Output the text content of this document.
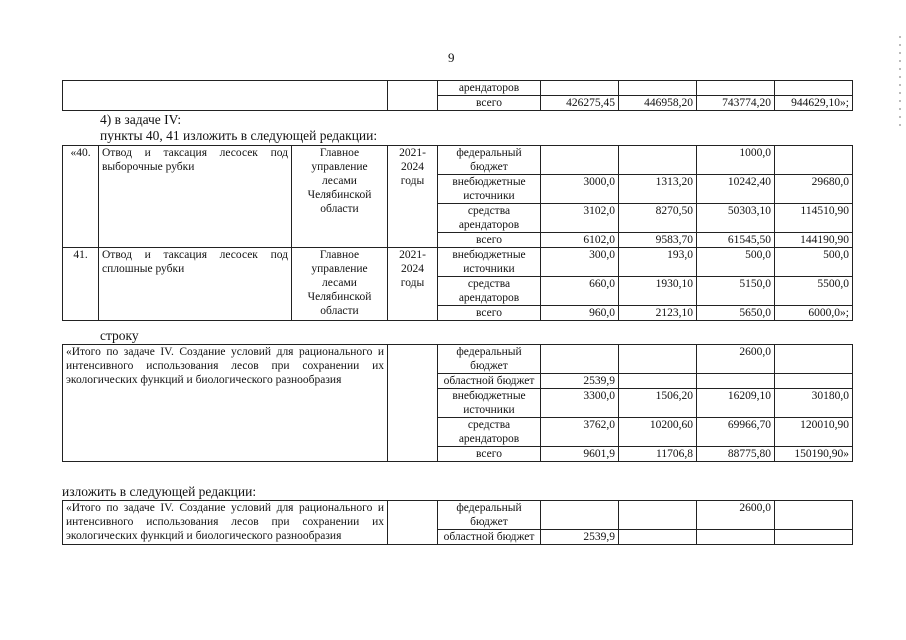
9
		арендаторов				
		всего	426275,45	446958,20	743774,20	944629,10»;
4) в задаче IV:
пункты 40, 41 изложить в следующей редакции:
«40.	Отвод и таксация лесосек под выборочные рубки	Главное управление лесами Челябинской области	2021-2024 годы	федеральный бюджет			1000,0	
				внебюджетные источники	3000,0	1313,20	10242,40	29680,0
				средства арендаторов	3102,0	8270,50	50303,10	114510,90
				всего	6102,0	9583,70	61545,50	144190,90
41.	Отвод и таксация лесосек под сплошные рубки	Главное управление лесами Челябинской области	2021-2024 годы	внебюджетные источники	300,0	193,0	500,0	500,0
				средства арендаторов	660,0	1930,10	5150,0	5500,0
				всего	960,0	2123,10	5650,0	6000,0»;
строку
«Итого по задаче IV. Создание условий для рационального и интенсивного использования лесов при сохранении их экологических функций и биологического разнообразия		федеральный бюджет			2600,0	
		областной бюджет	2539,9			
		внебюджетные источники	3300,0	1506,20	16209,10	30180,0
		средства арендаторов	3762,0	10200,60	69966,70	120010,90
		всего	9601,9	11706,8	88775,80	150190,90»
изложить в следующей редакции:
«Итого по задаче IV. Создание условий для рационального и интенсивного использования лесов при сохранении их экологических функций и биологического разнообразия		федеральный бюджет			2600,0	
		областной бюджет	2539,9			
